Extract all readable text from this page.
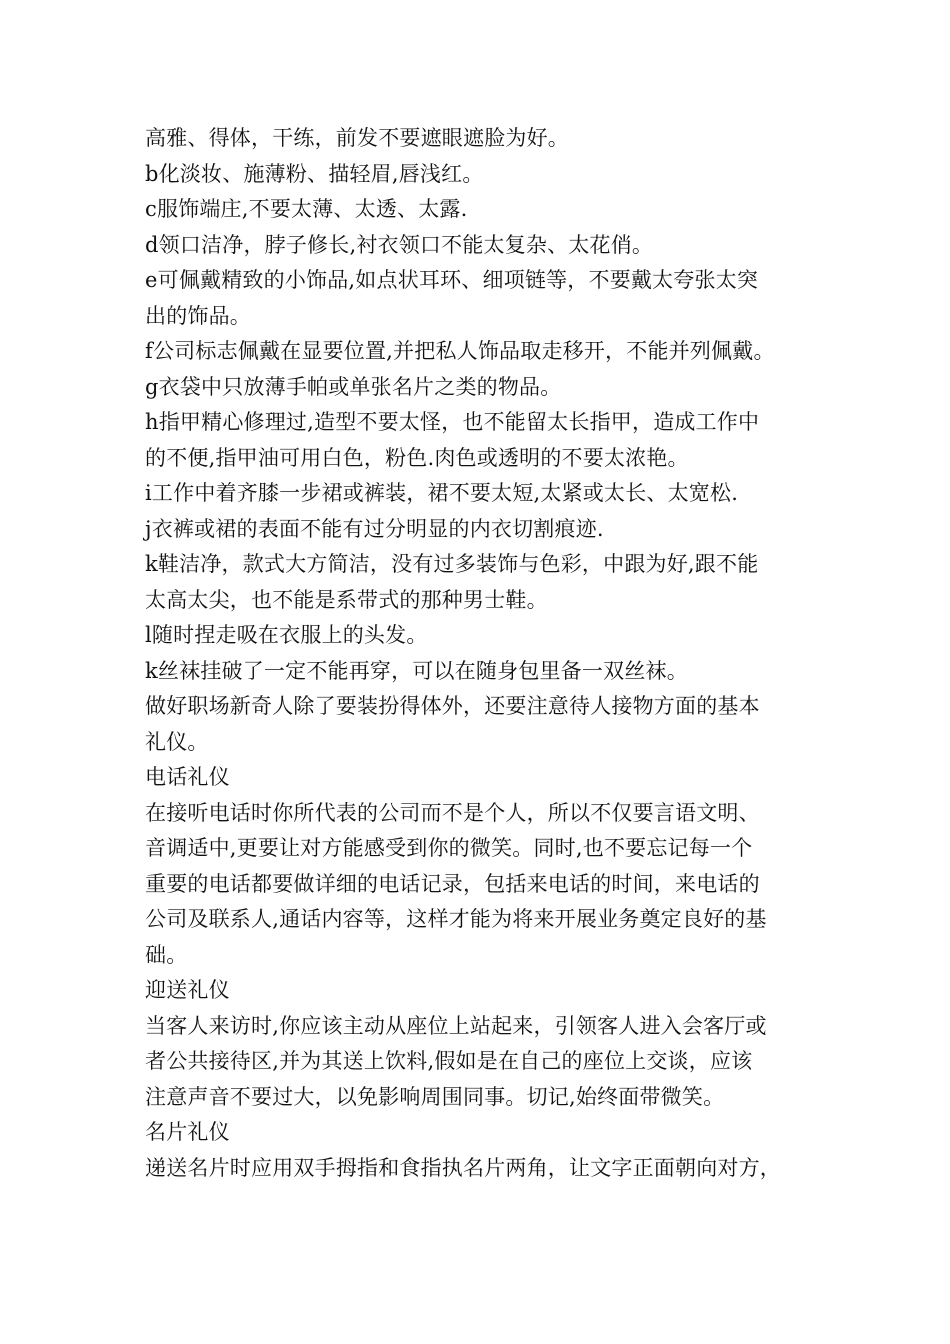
高雅、得体，干练，前发不要遮眼遮脸为好。
b化淡妆、施薄粉、描轻眉,唇浅红。
c服饰端庄,不要太薄、太透、太露.
d领口洁净，脖子修长,衬衣领口不能太复杂、太花俏。
e可佩戴精致的小饰品,如点状耳环、细项链等，不要戴太夸张太突
出的饰品。
f公司标志佩戴在显要位置,并把私人饰品取走移开，不能并列佩戴。
g衣袋中只放薄手帕或单张名片之类的物品。
h指甲精心修理过,造型不要太怪，也不能留太长指甲，造成工作中
的不便,指甲油可用白色，粉色.肉色或透明的不要太浓艳。
i工作中着齐膝一步裙或裤装，裙不要太短,太紧或太长、太宽松.
j衣裤或裙的表面不能有过分明显的内衣切割痕迹.
k鞋洁净，款式大方简洁，没有过多装饰与色彩，中跟为好,跟不能
太高太尖，也不能是系带式的那种男士鞋。
l随时捏走吸在衣服上的头发。
k丝袜挂破了一定不能再穿，可以在随身包里备一双丝袜。
做好职场新奇人除了要装扮得体外，还要注意待人接物方面的基本
礼仪。
电话礼仪
在接听电话时你所代表的公司而不是个人，所以不仅要言语文明、
音调适中,更要让对方能感受到你的微笑。同时,也不要忘记每一个
重要的电话都要做详细的电话记录，包括来电话的时间，来电话的
公司及联系人,通话内容等，这样才能为将来开展业务奠定良好的基
础。
迎送礼仪
当客人来访时,你应该主动从座位上站起来，引领客人进入会客厅或
者公共接待区,并为其送上饮料,假如是在自己的座位上交谈，应该
注意声音不要过大，以免影响周围同事。切记,始终面带微笑。
名片礼仪
递送名片时应用双手拇指和食指执名片两角，让文字正面朝向对方，
